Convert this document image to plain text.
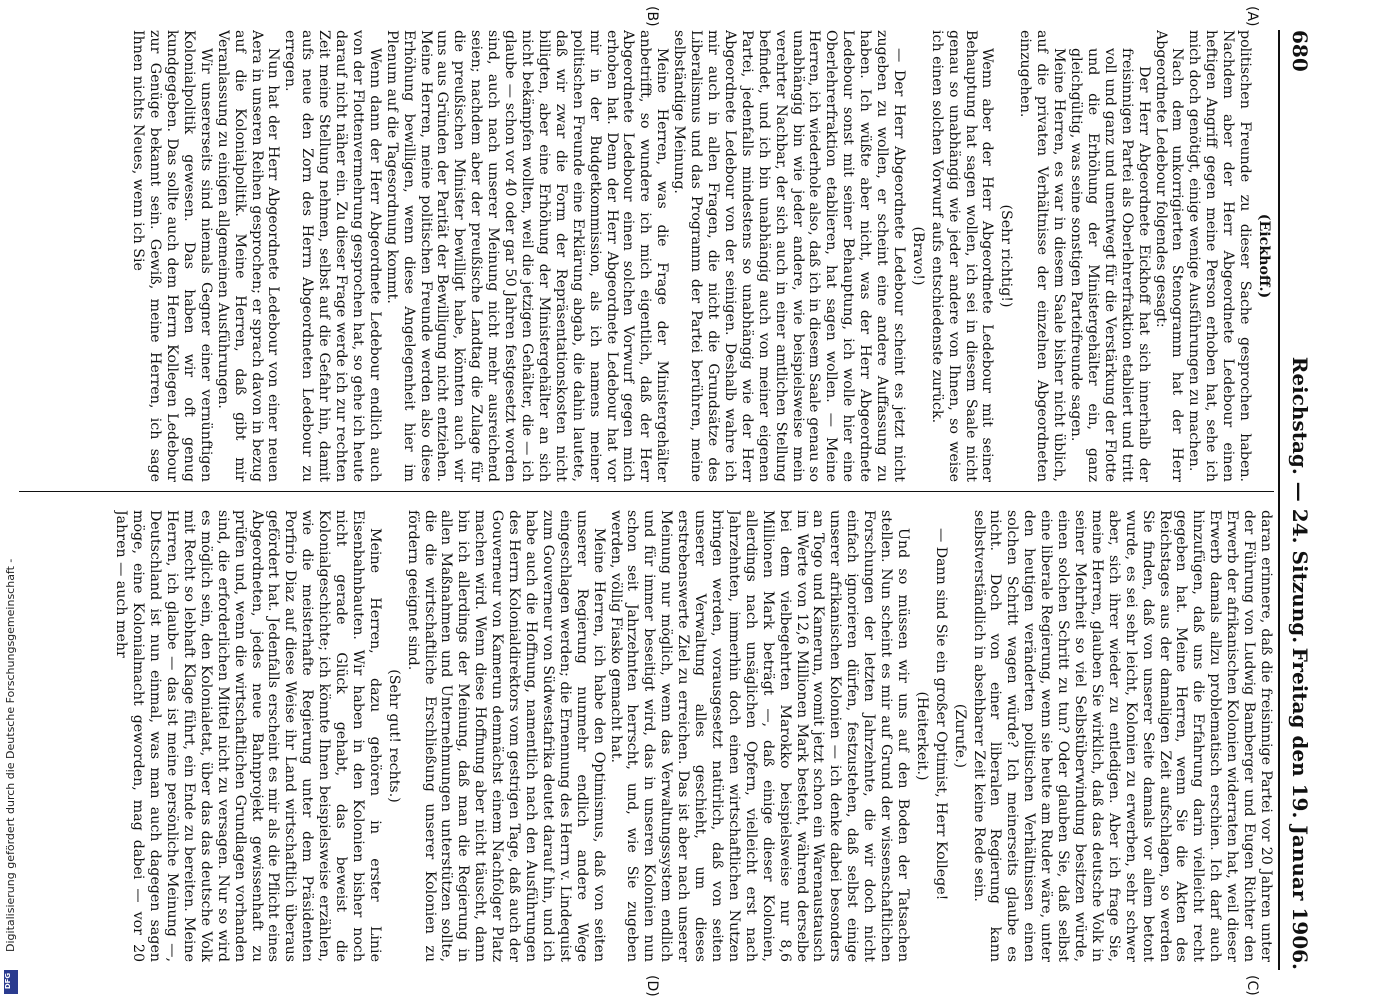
680
Reichstag. — 24. Sitzung.
Freitag den 19. Januar 1906.
(A)
(B)
(C)
(D)

(Eickhoff.)

politischen Freunde zu dieser Sache gesprochen haben. Nachdem aber der Herr Abgeordnete Ledebour einen heftigen Angriff gegen meine Person erhoben hat, sehe ich mich doch genötigt, einige wenige Ausführungen zu machen.

Nach dem unkorrigierten Stenogramm hat der Herr Abgeordnete Ledebour folgendes gesagt:

Der Herr Abgeordnete Eickhoff hat sich innerhalb der freisinnigen Partei als Oberlehrerfraktion etabliert und tritt voll und ganz und unentwegt für die Verstärkung der Flotte und die Erhöhung der Ministergehälter ein, ganz gleichgültig, was seine sonstigen Parteifreunde sagen.

Meine Herren, es war in diesem Saale bisher nicht üblich, auf die privaten Verhältnisse der einzelnen Abgeordneten einzugehen.

(Sehr richtig!)

Wenn aber der Herr Abgeordnete Ledebour mit seiner Behauptung hat sagen wollen, ich sei in diesem Saale nicht genau so unabhängig wie jeder andere von Ihnen, so weise ich einen solchen Vorwurf aufs entschiedenste zurück.

(Bravo!)

— Der Herr Abgeordnete Ledebour scheint es jetzt nicht zugeben zu wollen, er scheint eine andere Auffassung zu haben. Ich wüßte aber nicht, was der Herr Abgeordnete Ledebour sonst mit seiner Behauptung, ich wolle hier eine Oberlehrerfraktion etablieren, hat sagen wollen. — Meine Herren, ich wiederhole also, daß ich in diesem Saale genau so unabhängig bin wie jeder andere, wie beispielsweise mein verehrter Nachbar, der sich auch in einer amtlichen Stellung befindet, und ich bin unabhängig auch von meiner eigenen Partei, jedenfalls mindestens so unabhängig wie der Herr Abgeordnete Ledebour von der seinigen. Deshalb wahre ich mir auch in allen Fragen, die nicht die Grundsätze des Liberalismus und das Programm der Partei berühren, meine selbständige Meinung.

Meine Herren, was die Frage der Ministergehälter anbetrifft, so wundere ich mich eigentlich, daß der Herr Abgeordnete Ledebour einen solchen Vorwurf gegen mich erhoben hat. Denn der Herr Abgeordnete Ledebour hat vor mir in der Budgetkommission, als ich namens meiner politischen Freunde eine Erklärung abgab, die dahin lautete, daß wir zwar die Form der Repräsentationskosten nicht billigten, aber eine Erhöhung der Ministergehälter an sich nicht bekämpfen wollten, weil die jetzigen Gehälter, die — ich glaube — schon vor 40 oder gar 50 Jahren festgesetzt worden sind, auch nach unserer Meinung nicht mehr ausreichend seien; nachdem aber der preußische Landtag die Zulage für die preußischen Minister bewilligt habe, könnten auch wir uns aus Gründen der Parität der Bewilligung nicht entziehen. Meine Herren, meine politischen Freunde werden also diese Erhöhung bewilligen, wenn diese Angelegenheit hier im Plenum auf die Tagesordnung kommt.

Wenn dann der Herr Abgeordnete Ledebour endlich auch von der Flottenvermehrung gesprochen hat, so gehe ich heute darauf nicht näher ein. Zu dieser Frage werde ich zur rechten Zeit meine Stellung nehmen, selbst auf die Gefahr hin, damit aufs neue den Zorn des Herrn Abgeordneten Ledebour zu erregen.

Nun hat der Herr Abgeordnete Ledebour von einer neuen Aera in unseren Reihen gesprochen; er sprach davon in bezug auf die Kolonialpolitik. Meine Herren, daß gibt mir Veranlassung zu einigen allgemeinen Ausführungen.

Wir unsererseits sind niemals Gegner einer vernünftigen Kolonialpolitik gewesen. Das haben wir oft genug kundgegeben. Das sollte auch dem Herrn Kollegen Ledebour zur Genüge bekannt sein. Gewiß, meine Herren, ich sage Ihnen nichts Neues, wenn ich Sie

daran erinnere, daß die freisinnige Partei vor 20 Jahren unter der Führung von Ludwig Bamberger und Eugen Richter den Erwerb der afrikanischen Kolonien widerraten hat, weil dieser Erwerb damals allzu problematisch erschien. Ich darf auch hinzufügen, daß uns die Erfahrung darin vielleicht recht gegeben hat. Meine Herren, wenn Sie die Akten des Reichstages aus der damaligen Zeit aufschlagen, so werden Sie finden, daß von unserer Seite damals vor allem betont wurde, es sei sehr leicht, Kolonien zu erwerben, sehr schwer aber, sich ihrer wieder zu entledigen. Aber ich frage Sie, meine Herren, glauben Sie wirklich, daß das deutsche Volk in seiner Mehrheit so viel Selbstüberwindung besitzen würde, einen solchen Schritt zu tun? Oder glauben Sie, daß selbst eine liberale Regierung, wenn sie heute am Ruder wäre, unter den heutigen veränderten politischen Verhältnissen einen solchen Schritt wagen würde? Ich meinerseits glaube es nicht. Doch von einer liberalen Regierung kann selbstverständlich in absehbarer Zeit keine Rede sein.

(Zurufe.)

— Dann sind Sie ein großer Optimist, Herr Kollege!

(Heiterkeit.)

Und so müssen wir uns auf den Boden der Tatsachen stellen. Nun scheint es mir auf Grund der wissenschaftlichen Forschungen der letzten Jahrzehnte, die wir doch nicht einfach ignorieren dürfen, festzustehen, daß selbst einige unserer afrikanischen Kolonien — ich denke dabei besonders an Togo und Kamerun, womit jetzt schon ein Warenaustausch im Werte von 12,6 Millionen Mark besteht, während derselbe bei dem vielbegehrten Marokko beispielsweise nur 8,6 Millionen Mark beträgt —, daß einige dieser Kolonien, allerdings nach unsäglichen Opfern, vielleicht erst nach Jahrzehnten, immerhin doch einen wirtschaftlichen Nutzen bringen werden, vorausgesetzt natürlich, daß von seiten unserer Verwaltung alles geschieht, um dieses erstrebenswerte Ziel zu erreichen. Das ist aber nach unserer Meinung nur möglich, wenn das Verwaltungssystem endlich und für immer beseitigt wird, das in unseren Kolonien nun schon seit Jahrzehnten herrscht, und, wie Sie zugeben werden, völlig Fiasko gemacht hat.

Meine Herren, ich habe den Optimismus, daß von seiten unserer Regierung nunmehr endlich andere Wege eingeschlagen werden; die Ernennung des Herrn v. Lindequist zum Gouverneur von Südwestafrika deutet darauf hin, und ich habe auch die Hoffnung, namentlich nach den Ausführungen des Herrn Kolonialdirektors vom gestrigen Tage, daß auch der Gouverneur von Kamerun demnächst einem Nachfolger Platz machen wird. Wenn diese Hoffnung aber nicht täuscht, dann bin ich allerdings der Meinung, daß man die Regierung in allen Maßnahmen und Unternehmungen unterstützen sollte, die die wirtschaftliche Erschließung unserer Kolonien zu fördern geeignet sind.

(Sehr gut! rechts.)

Meine Herren, dazu gehören in erster Linie Eisenbahnbauten. Wir haben in den Kolonien bisher noch nicht gerade Glück gehabt, das beweist die Kolonialgeschichte; ich könnte Ihnen beispielsweise erzählen, wie die meisterhafte Regierung unter dem Präsidenten Porfirio Diaz auf diese Weise ihr Land wirtschaftlich überaus gefördert hat. Jedenfalls erscheint es mir als die Pflicht eines Abgeordneten, jedes neue Bahnprojekt gewissenhaft zu prüfen und, wenn die wirtschaftlichen Grundlagen vorhanden sind, die erforderlichen Mittel nicht zu versagen. Nur so wird es möglich sein, den Kolonialetat, über das das deutsche Volk mit Recht so lebhaft Klage führt, ein Ende zu bereiten. Meine Herren, ich glaube — das ist meine persönliche Meinung —, Deutschland ist nun einmal, was man auch dagegen sagen möge, eine Kolonialmacht geworden, mag dabei — vor 20 Jahren — auch mehr

Digitalisierung gefördert durch die Deutsche Forschungsgemeinschaft -
DFG
